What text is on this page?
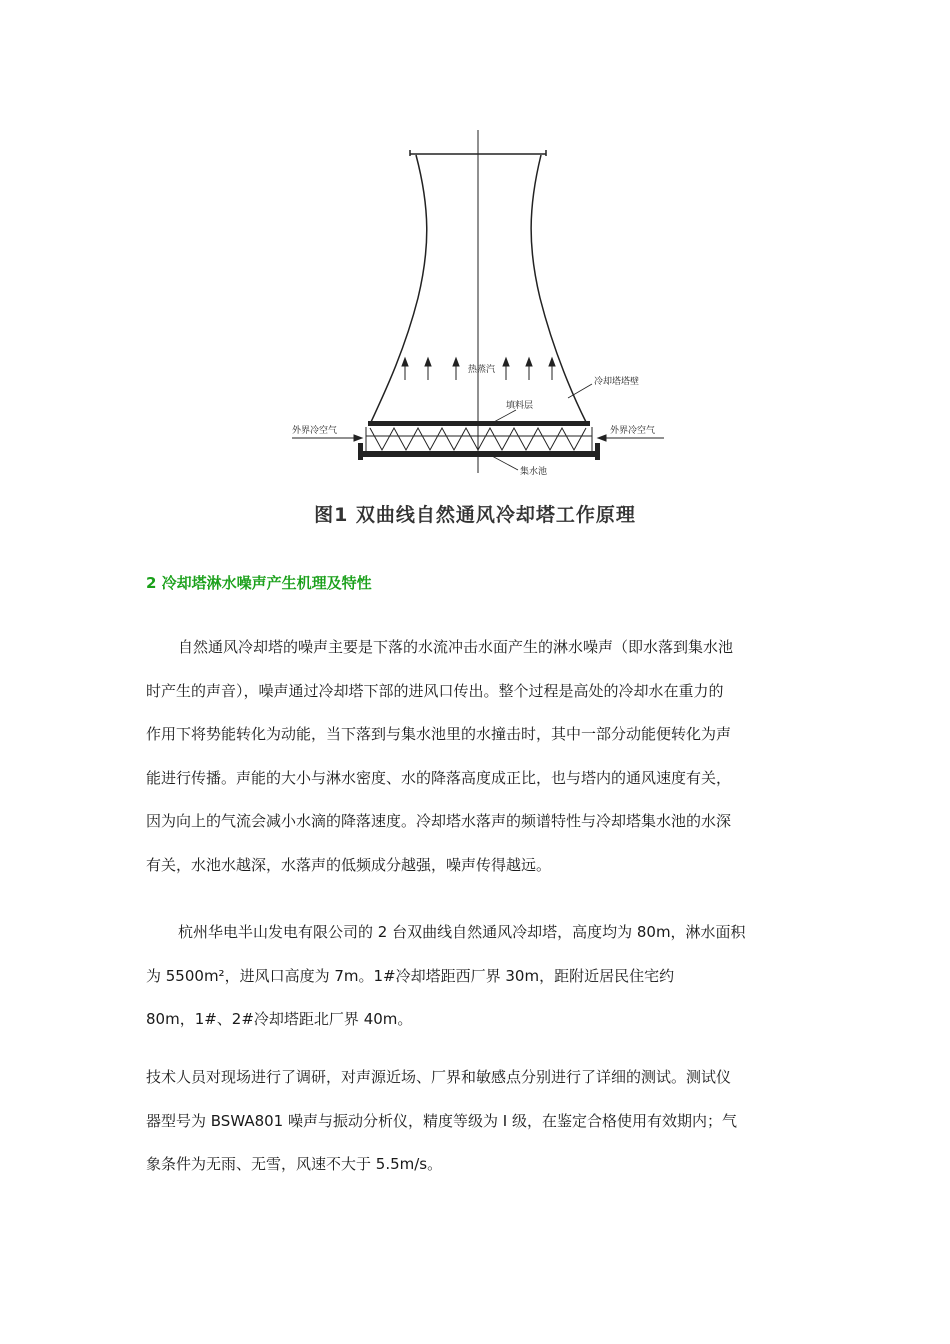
热蒸汽
冷却塔塔壁
填料层
外界冷空气	外界冷空气
集水池
图1 双曲线自然通风冷却塔工作原理
2 冷却塔淋水噪声产生机理及特性
自然通风冷却塔的噪声主要是下落的水流冲击水面产生的淋水噪声（即水落到集水池
时产生的声音），噪声通过冷却塔下部的进风口传出。整个过程是高处的冷却水在重力的
作用下将势能转化为动能，当下落到与集水池里的水撞击时，其中一部分动能便转化为声
能进行传播。声能的大小与淋水密度、水的降落高度成正比，也与塔内的通风速度有关，
因为向上的气流会减小水滴的降落速度。冷却塔水落声的频谱特性与冷却塔集水池的水深
有关，水池水越深，水落声的低频成分越强，噪声传得越远。
杭州华电半山发电有限公司的 2 台双曲线自然通风冷却塔，高度均为 80m，淋水面积
为 5500m²，进风口高度为 7m。1#冷却塔距西厂界 30m，距附近居民住宅约
80m，1#、2#冷却塔距北厂界 40m。
技术人员对现场进行了调研，对声源近场、厂界和敏感点分别进行了详细的测试。测试仪
器型号为 BSWA801 噪声与振动分析仪，精度等级为 I 级，在鉴定合格使用有效期内；气
象条件为无雨、无雪，风速不大于 5.5m/s。
